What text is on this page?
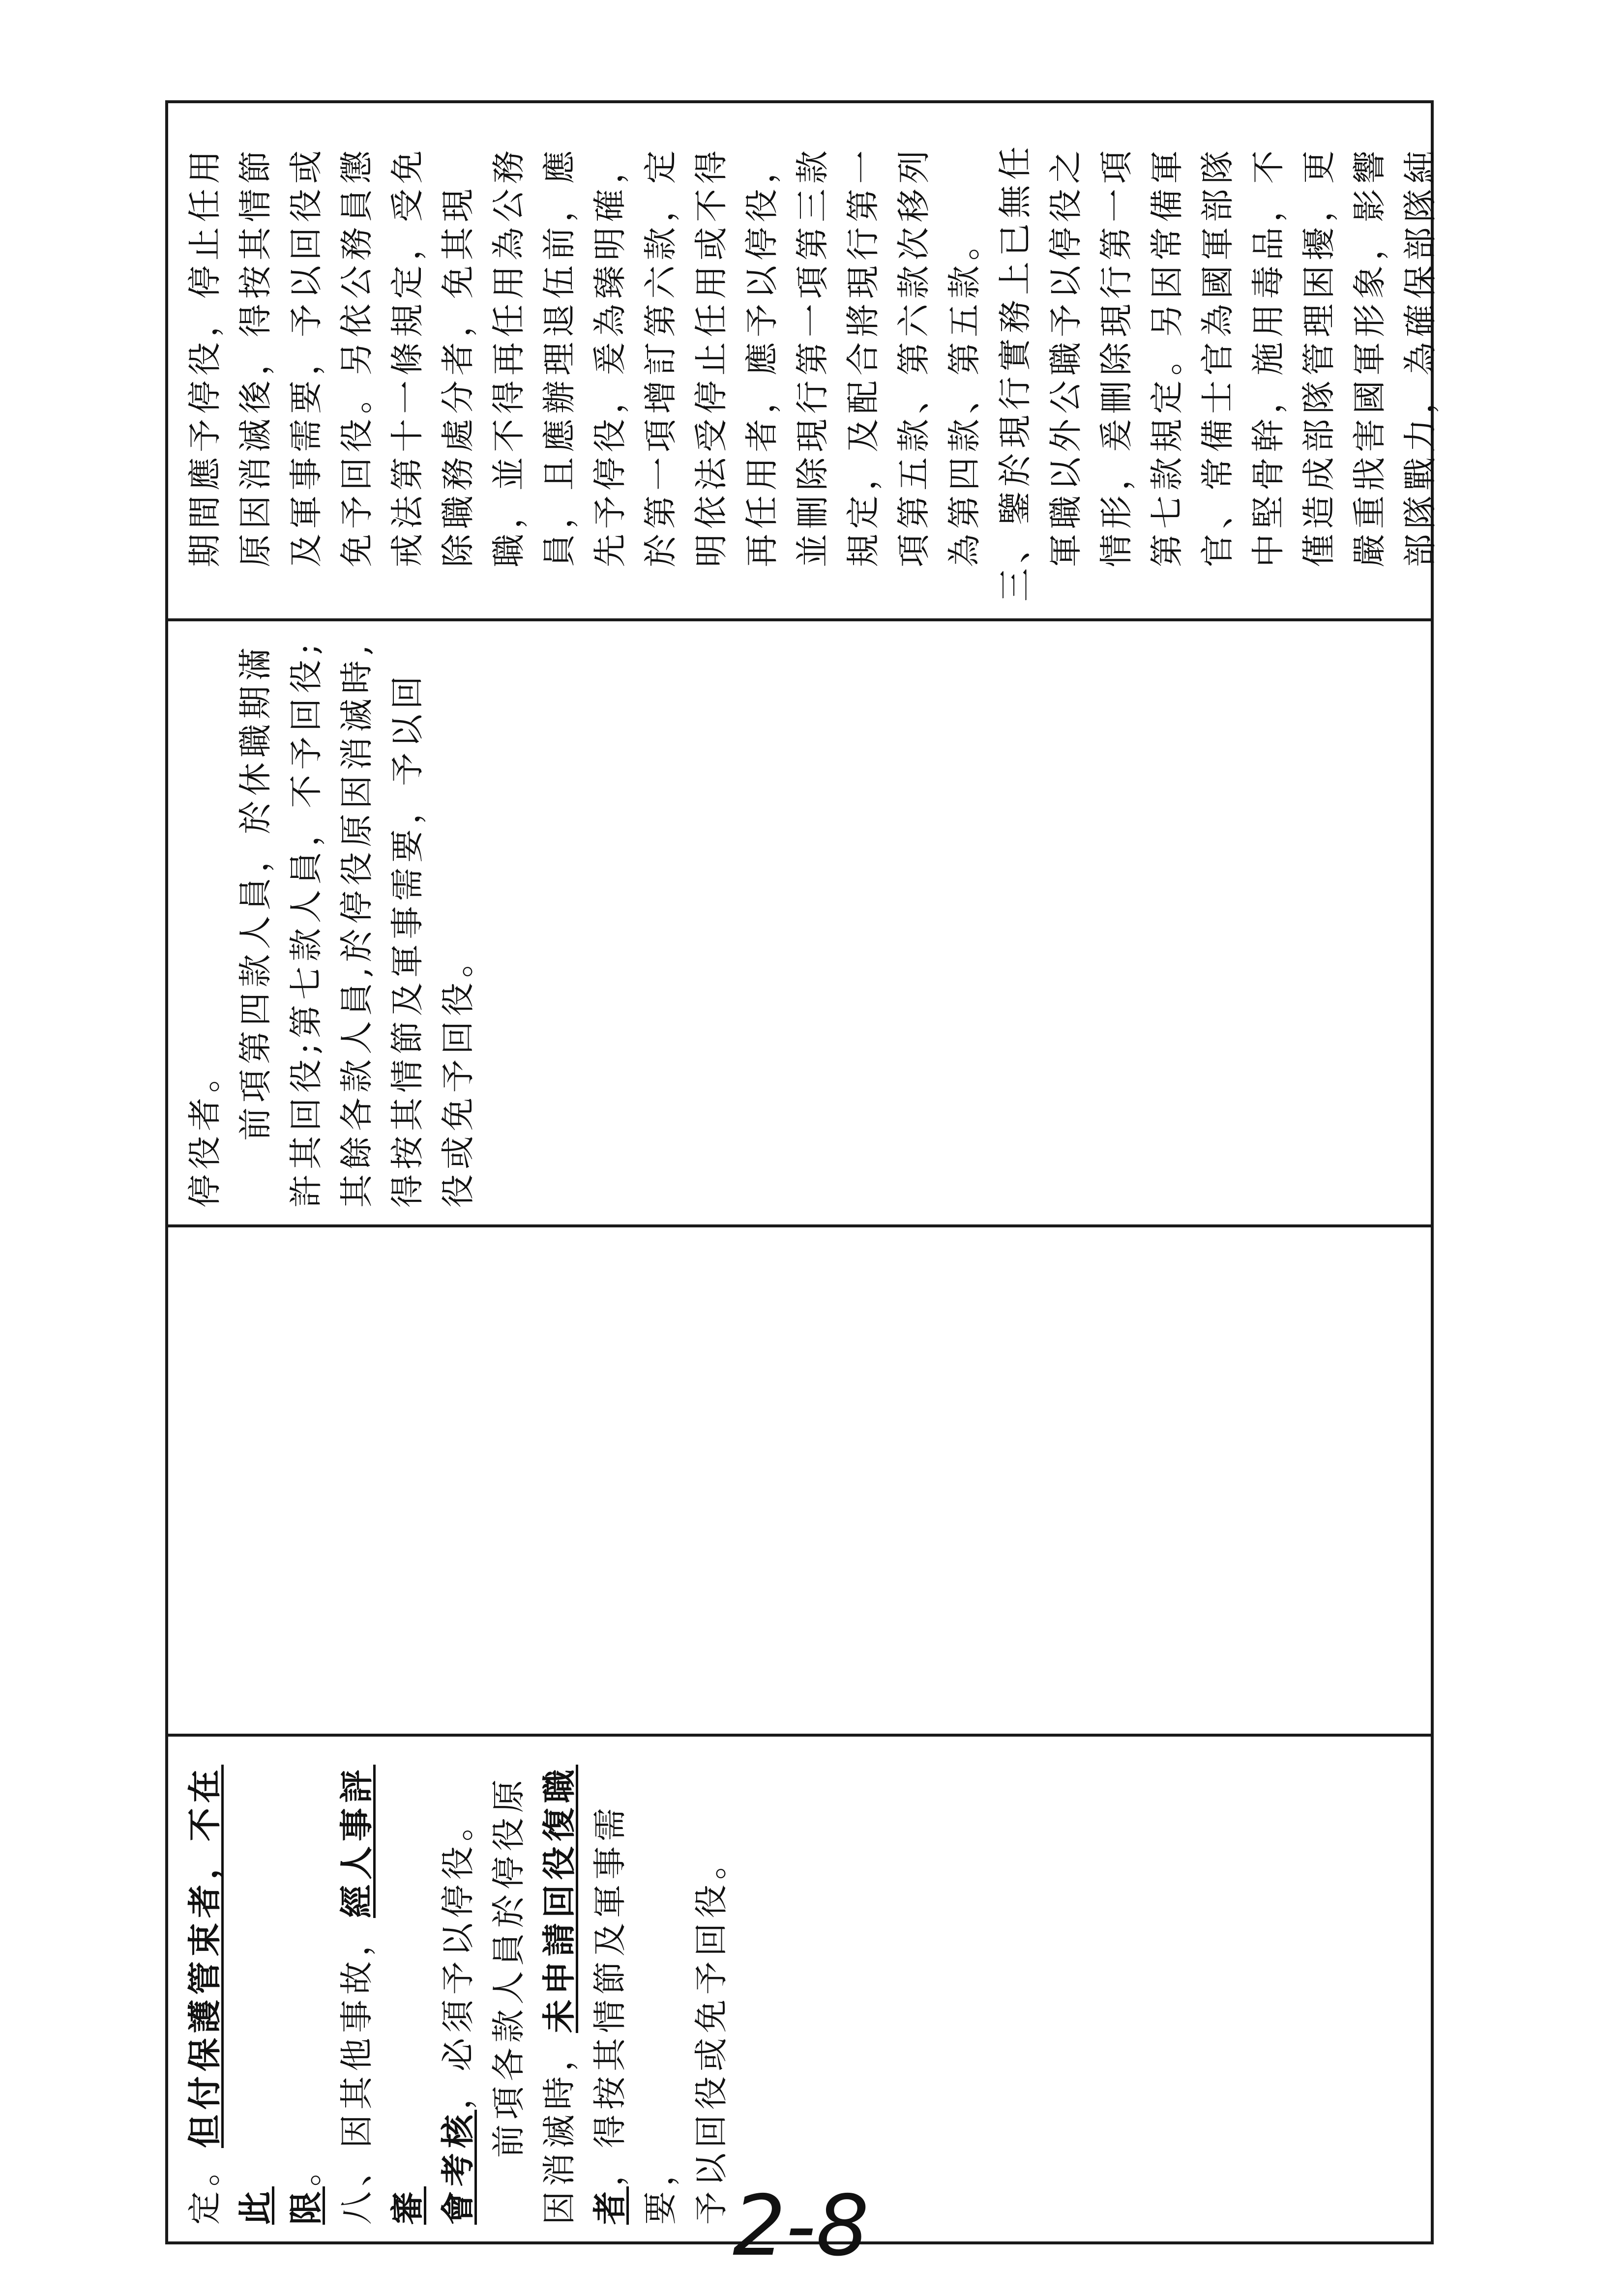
定。但付保護管束者，不在此 限。 八、因其他事故，經人事評審 會考核，必須予以停役。 前項各款人員於停役原 因消滅時，未申請回役復職

者，得按其情節及軍事需要， 予以回役或免予回役。

停役者。 前項第四款人員，於休職期滿許其回役;第七款人員，不予回役;其餘各款人員,於停役原因消滅時,得按其情節及軍事需要，予以回役或免予回役。

期間應予停役，停止任用原因消滅後，得按其情節及軍事需要，予以回役或免予回役。另依公務員懲戒法第十一條規定，受免除職務處分者，免其現職，並不得再任用為公務員，且應辦理退伍前，應先予停役，爰為臻明確，於第一項增訂第六款，定明依法受停止任用或不得再任用者，應予以停役，並刪除現行第一項第三款規定，及配合將現行第一項第五款、第六款次移列為第四款、第五款。 三、鑒於現行實務上已無任軍職以外公職予以停役之情形，爰刪除現行第一項第七款規定。另因常備軍官、常備士官為國軍部隊中堅骨幹，施用毒品，不僅造成部隊管理困擾，更嚴重戕害國軍形象，影響部隊戰力，為確保部隊純

2-8
